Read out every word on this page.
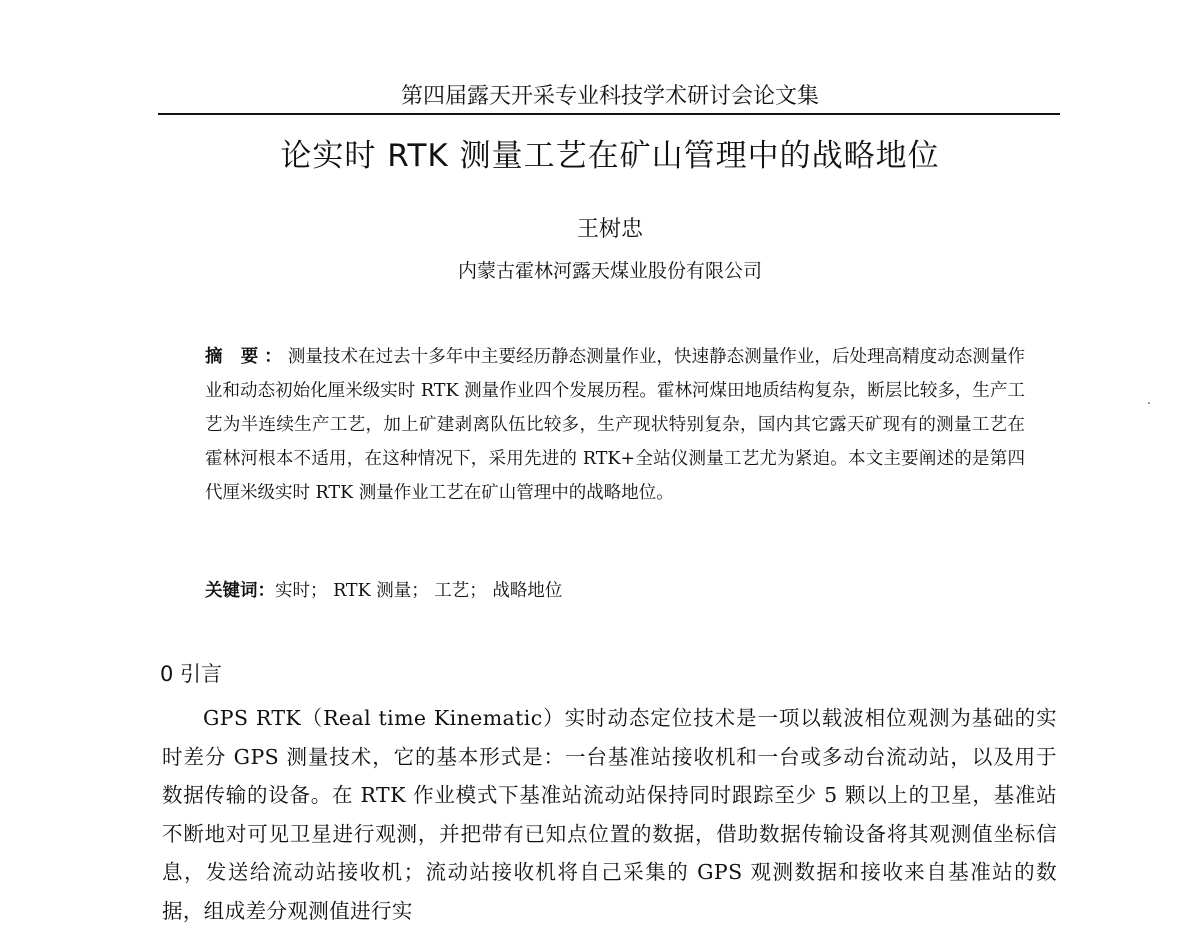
第四届露天开采专业科技学术研讨会论文集
论实时 RTK 测量工艺在矿山管理中的战略地位
王树忠
内蒙古霍林河露天煤业股份有限公司
摘 要：测量技术在过去十多年中主要经历静态测量作业，快速静态测量作业，后处理高精度动态测量作业和动态初始化厘米级实时 RTK 测量作业四个发展历程。霍林河煤田地质结构复杂，断层比较多，生产工艺为半连续生产工艺，加上矿建剥离队伍比较多，生产现状特别复杂，国内其它露天矿现有的测量工艺在霍林河根本不适用，在这种情况下，采用先进的 RTK+全站仪测量工艺尤为紧迫。本文主要阐述的是第四代厘米级实时 RTK 测量作业工艺在矿山管理中的战略地位。
关键词：实时； RTK 测量； 工艺； 战略地位
0 引言
GPS RTK（Real time Kinematic）实时动态定位技术是一项以载波相位观测为基础的实时差分 GPS 测量技术，它的基本形式是：一台基准站接收机和一台或多动台流动站，以及用于数据传输的设备。在 RTK 作业模式下基准站流动站保持同时跟踪至少 5 颗以上的卫星，基准站不断地对可见卫星进行观测，并把带有已知点位置的数据，借助数据传输设备将其观测值坐标信息，发送给流动站接收机；流动站接收机将自己采集的 GPS 观测数据和接收来自基准站的数据，组成差分观测值进行实
